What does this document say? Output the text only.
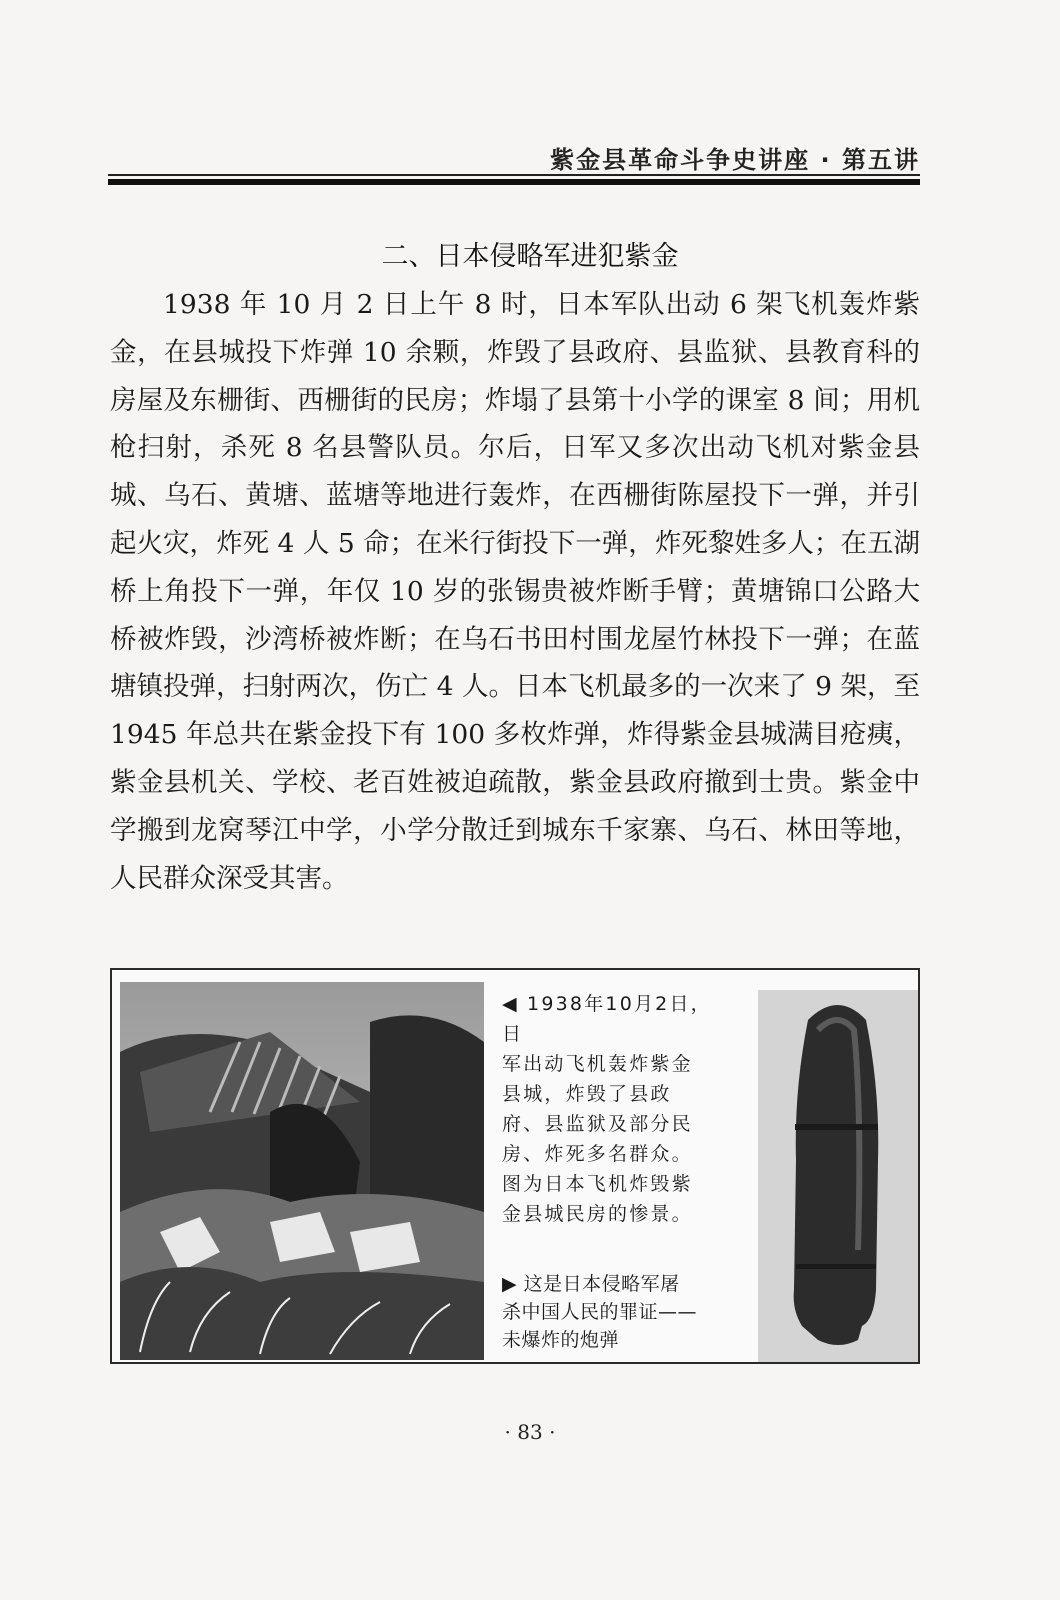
紫金县革命斗争史讲座 · 第五讲
二、日本侵略军进犯紫金

1938 年 10 月 2 日上午 8 时，日本军队出动 6 架飞机轰炸紫金，在县城投下炸弹 10 余颗，炸毁了县政府、县监狱、县教育科的房屋及东栅街、西栅街的民房；炸塌了县第十小学的课室 8 间；用机枪扫射，杀死 8 名县警队员。尔后，日军又多次出动飞机对紫金县城、乌石、黄塘、蓝塘等地进行轰炸，在西栅街陈屋投下一弹，并引起火灾，炸死 4 人 5 命；在米行街投下一弹，炸死黎姓多人；在五湖桥上角投下一弹，年仅 10 岁的张锡贵被炸断手臂；黄塘锦口公路大桥被炸毁，沙湾桥被炸断；在乌石书田村围龙屋竹林投下一弹；在蓝塘镇投弹，扫射两次，伤亡 4 人。日本飞机最多的一次来了 9 架，至 1945 年总共在紫金投下有 100 多枚炸弹，炸得紫金县城满目疮痍，紫金县机关、学校、老百姓被迫疏散，紫金县政府撤到士贵。紫金中学搬到龙窝琴江中学，小学分散迁到城东千家寨、乌石、林田等地，人民群众深受其害。

◀ 1938年10月2日，日
军出动飞机轰炸紫金
县城，炸毁了县政
府、县监狱及部分民
房、炸死多名群众。
图为日本飞机炸毁紫
金县城民房的惨景。
▶ 这是日本侵略军屠
杀中国人民的罪证——
未爆炸的炮弹
· 83 ·
